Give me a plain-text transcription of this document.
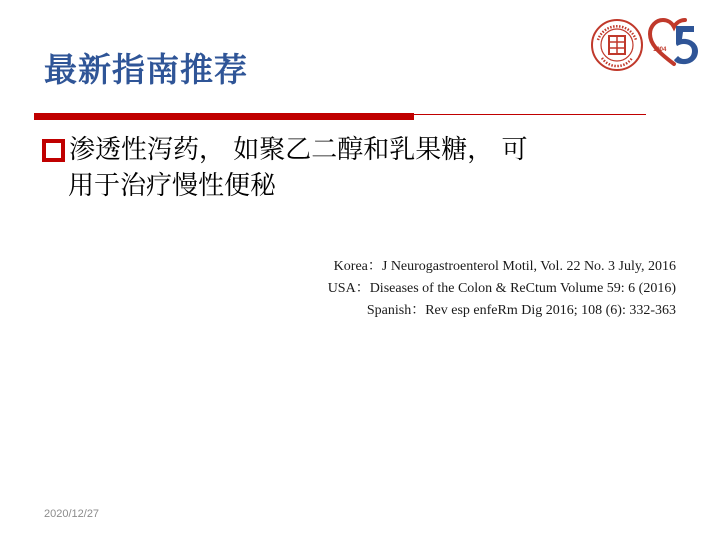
最新指南推荐	1904
渗透性泻药， 如聚乙二醇和乳果糖， 可
用于治疗慢性便秘
Korea：J Neurogastroenterol Motil, Vol. 22 No. 3 July, 2016
USA：Diseases of the Colon & ReCtum Volume 59: 6 (2016)
Spanish：Rev esp enfeRm Dig 2016; 108 (6): 332-363
2020/12/27
